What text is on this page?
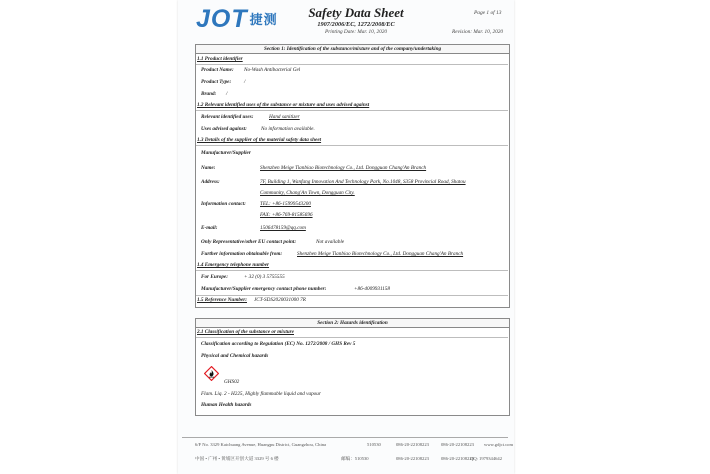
JOT 捷测	Safety Data Sheet
1907/2006/EC, 1272/2008/EC
Printing Date: Mar. 10, 2020
Page 1 of 13
Revision: Mar. 10, 2020
Section 1: Identification of the substance/mixture and of the company/undertaking
1.1 Product identifier
Product Name: No-Wash Antibacterial Gel
Product Type: /
Brand: /
1.2 Relevant identified uses of the substance or mixture and uses advised against
Relevant identified uses:	Hand sanitizer
Uses advised against:	No information available.
1.3 Details of the supplier of the material safety data sheet
Manufacturer/Supplier
Name:	Shenzhen Meige Tianbiao Biotechnology Co., Ltd. Dongguan Chang'An Branch
Address:	7F, Building 1, Wanfang Innovation And Technology Park, No.1048, S358 Provincial Road, Shatou
Community, Chang'An Town, Dongguan City.
Information contact:	TEL: +86-15999543200
FAX: +86-769-81585696
E-mail:	1506478159@qq.com
Only Representative/other EU contact point:	Not available
Further information obtainable from:	Shenzhen Meige Tianbiao Biotechnology Co., Ltd. Dongguan Chang'An Branch
1.4 Emergency telephone number
For Europe:	+ 32 (0) 3 5755555
Manufacturer/Supplier emergency contact phone number:	+86-4009931158
1.5 Reference Number: JCT-SDS2020031000 7R
Section 2: Hazards identification
2.1 Classification of the substance or mixture
Classification according to Regulation (EC) No. 1272/2008 / GHS Rev 5
Physical and Chemical hazards
GHS02
Flam. Liq. 2 - H225, Highly flammable liquid and vapour
Human Health hazards
6/F No. 3329 Kaichuang Avenue, Huangpu District, Guangzhou, China	510530	086-20-22108223	086-20-22108223 www.gdjct.com
中国 • 广州 • 黄埔区开创大道 3329 号 6 楼	邮编：510530	086-20-22108223	086-20-22108223
QQ: 1979344642
